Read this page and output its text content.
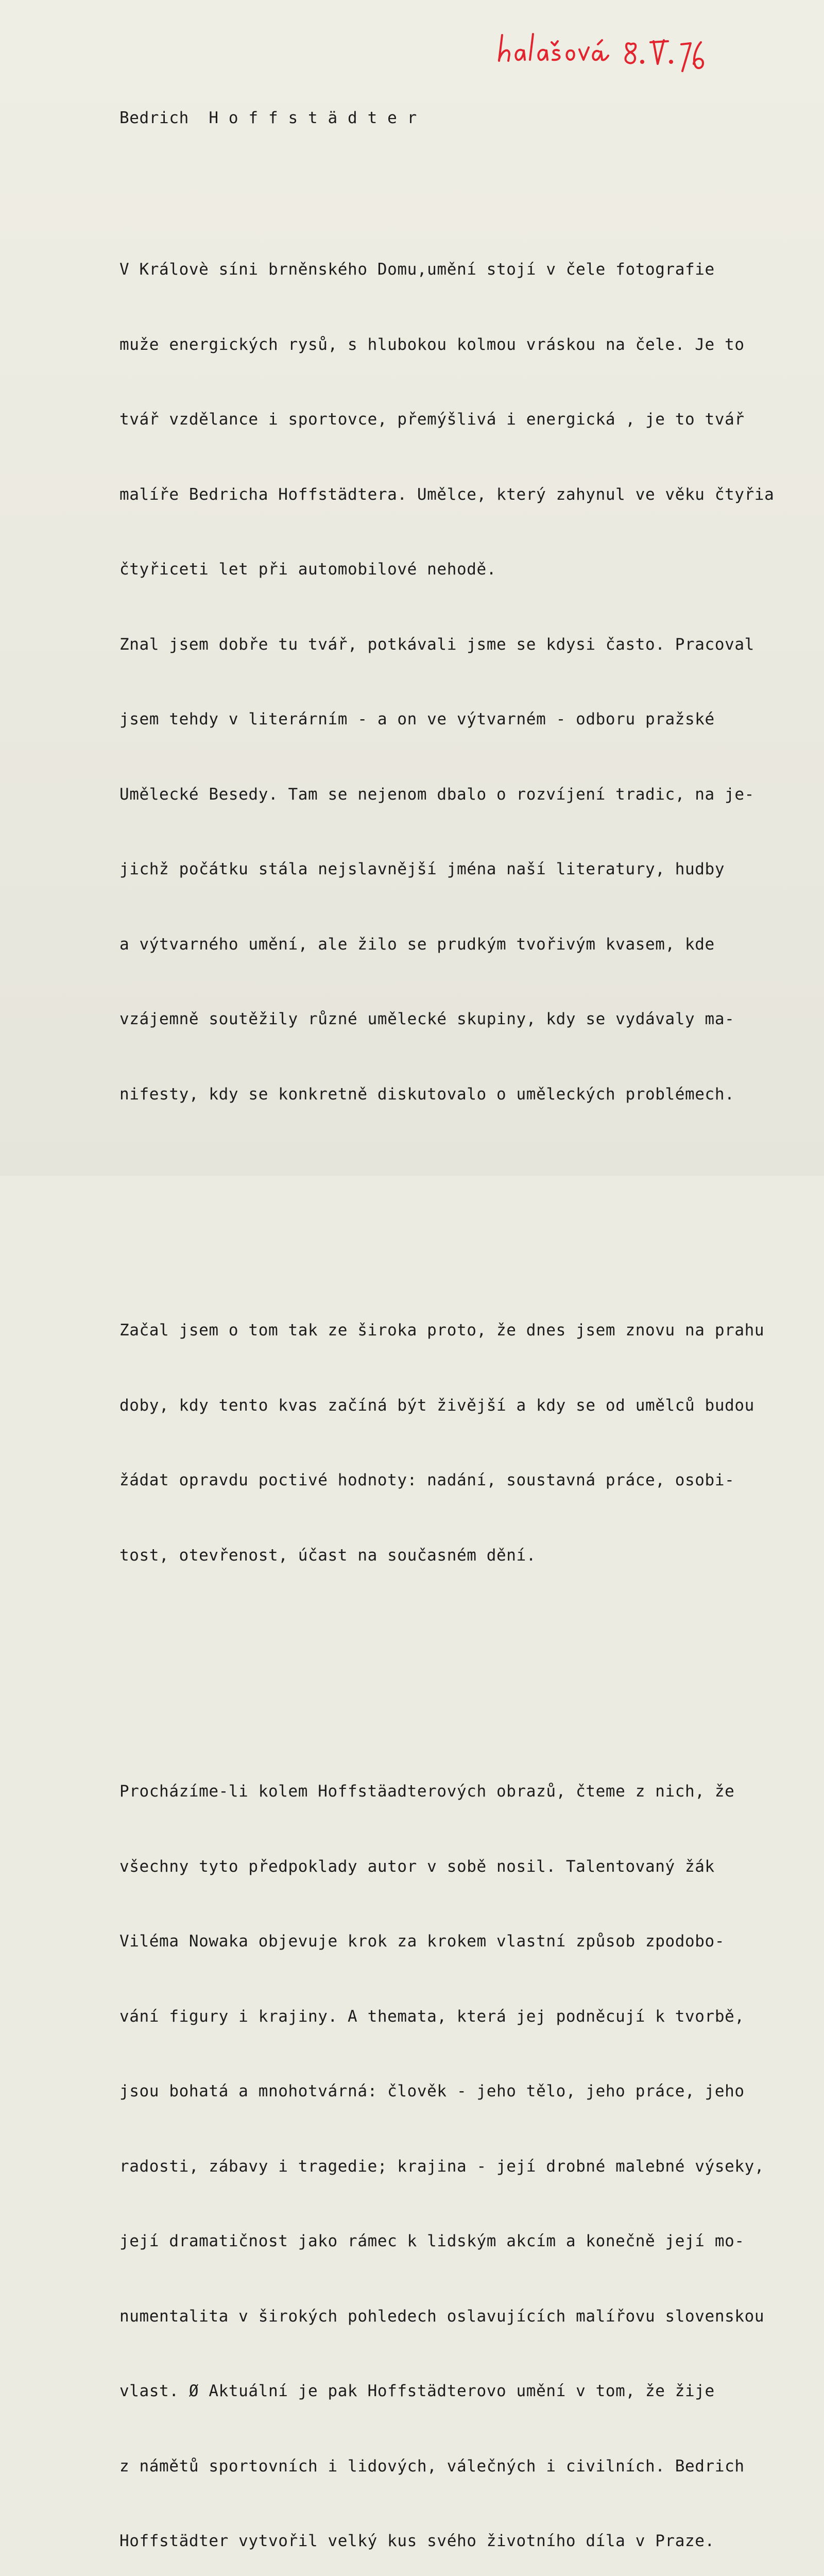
Bedrich  H o f f s t ä d t e r

V Královè síni brněnského Domu,umění stojí v čele fotografie

muže energických rysů, s hlubokou kolmou vráskou na čele. Je to

tvář vzdělance i sportovce, přemýšlivá i energická , je to tvář

malíře Bedricha Hoffstädtera. Umělce, který zahynul ve věku čtyřia

čtyřiceti let při automobilové nehodě.

Znal jsem dobře tu tvář, potkávali jsme se kdysi často. Pracoval

jsem tehdy v literárním - a on ve výtvarném - odboru pražské

Umělecké Besedy. Tam se nejenom dbalo o rozvíjení tradic, na je-

jichž počátku stála nejslavnější jména naší literatury, hudby

a výtvarného umění, ale žilo se prudkým tvořivým kvasem, kde

vzájemně soutěžily různé umělecké skupiny, kdy se vydávaly ma-

nifesty, kdy se konkretně diskutovalo o uměleckých problémech.

Začal jsem o tom tak ze široka proto, že dnes jsem znovu na prahu

doby, kdy tento kvas začíná být živější a kdy se od umělců budou

žádat opravdu poctivé hodnoty: nadání, soustavná práce, osobi-

tost, otevřenost, účast na současném dění.

Procházíme-li kolem Hoffstäadterových obrazů, čteme z nich, že

všechny tyto předpoklady autor v sobě nosil. Talentovaný žák

Viléma Nowaka objevuje krok za krokem vlastní způsob zpodobo-

vání figury i krajiny. A themata, která jej podněcují k tvorbě,

jsou bohatá a mnohotvárná: člověk - jeho tělo, jeho práce, jeho

radosti, zábavy i tragedie; krajina - její drobné malebné výseky,

její dramatičnost jako rámec k lidským akcím a konečně její mo-

numentalita v širokých pohledech oslavujících malířovu slovenskou

vlast. Ø Aktuální je pak Hoffstädterovo umění v tom, že žije

z námětů sportovních i lidových, válečných i civilních. Bedrich

Hoffstädter vytvořil velký kus svého životního díla v Praze.
